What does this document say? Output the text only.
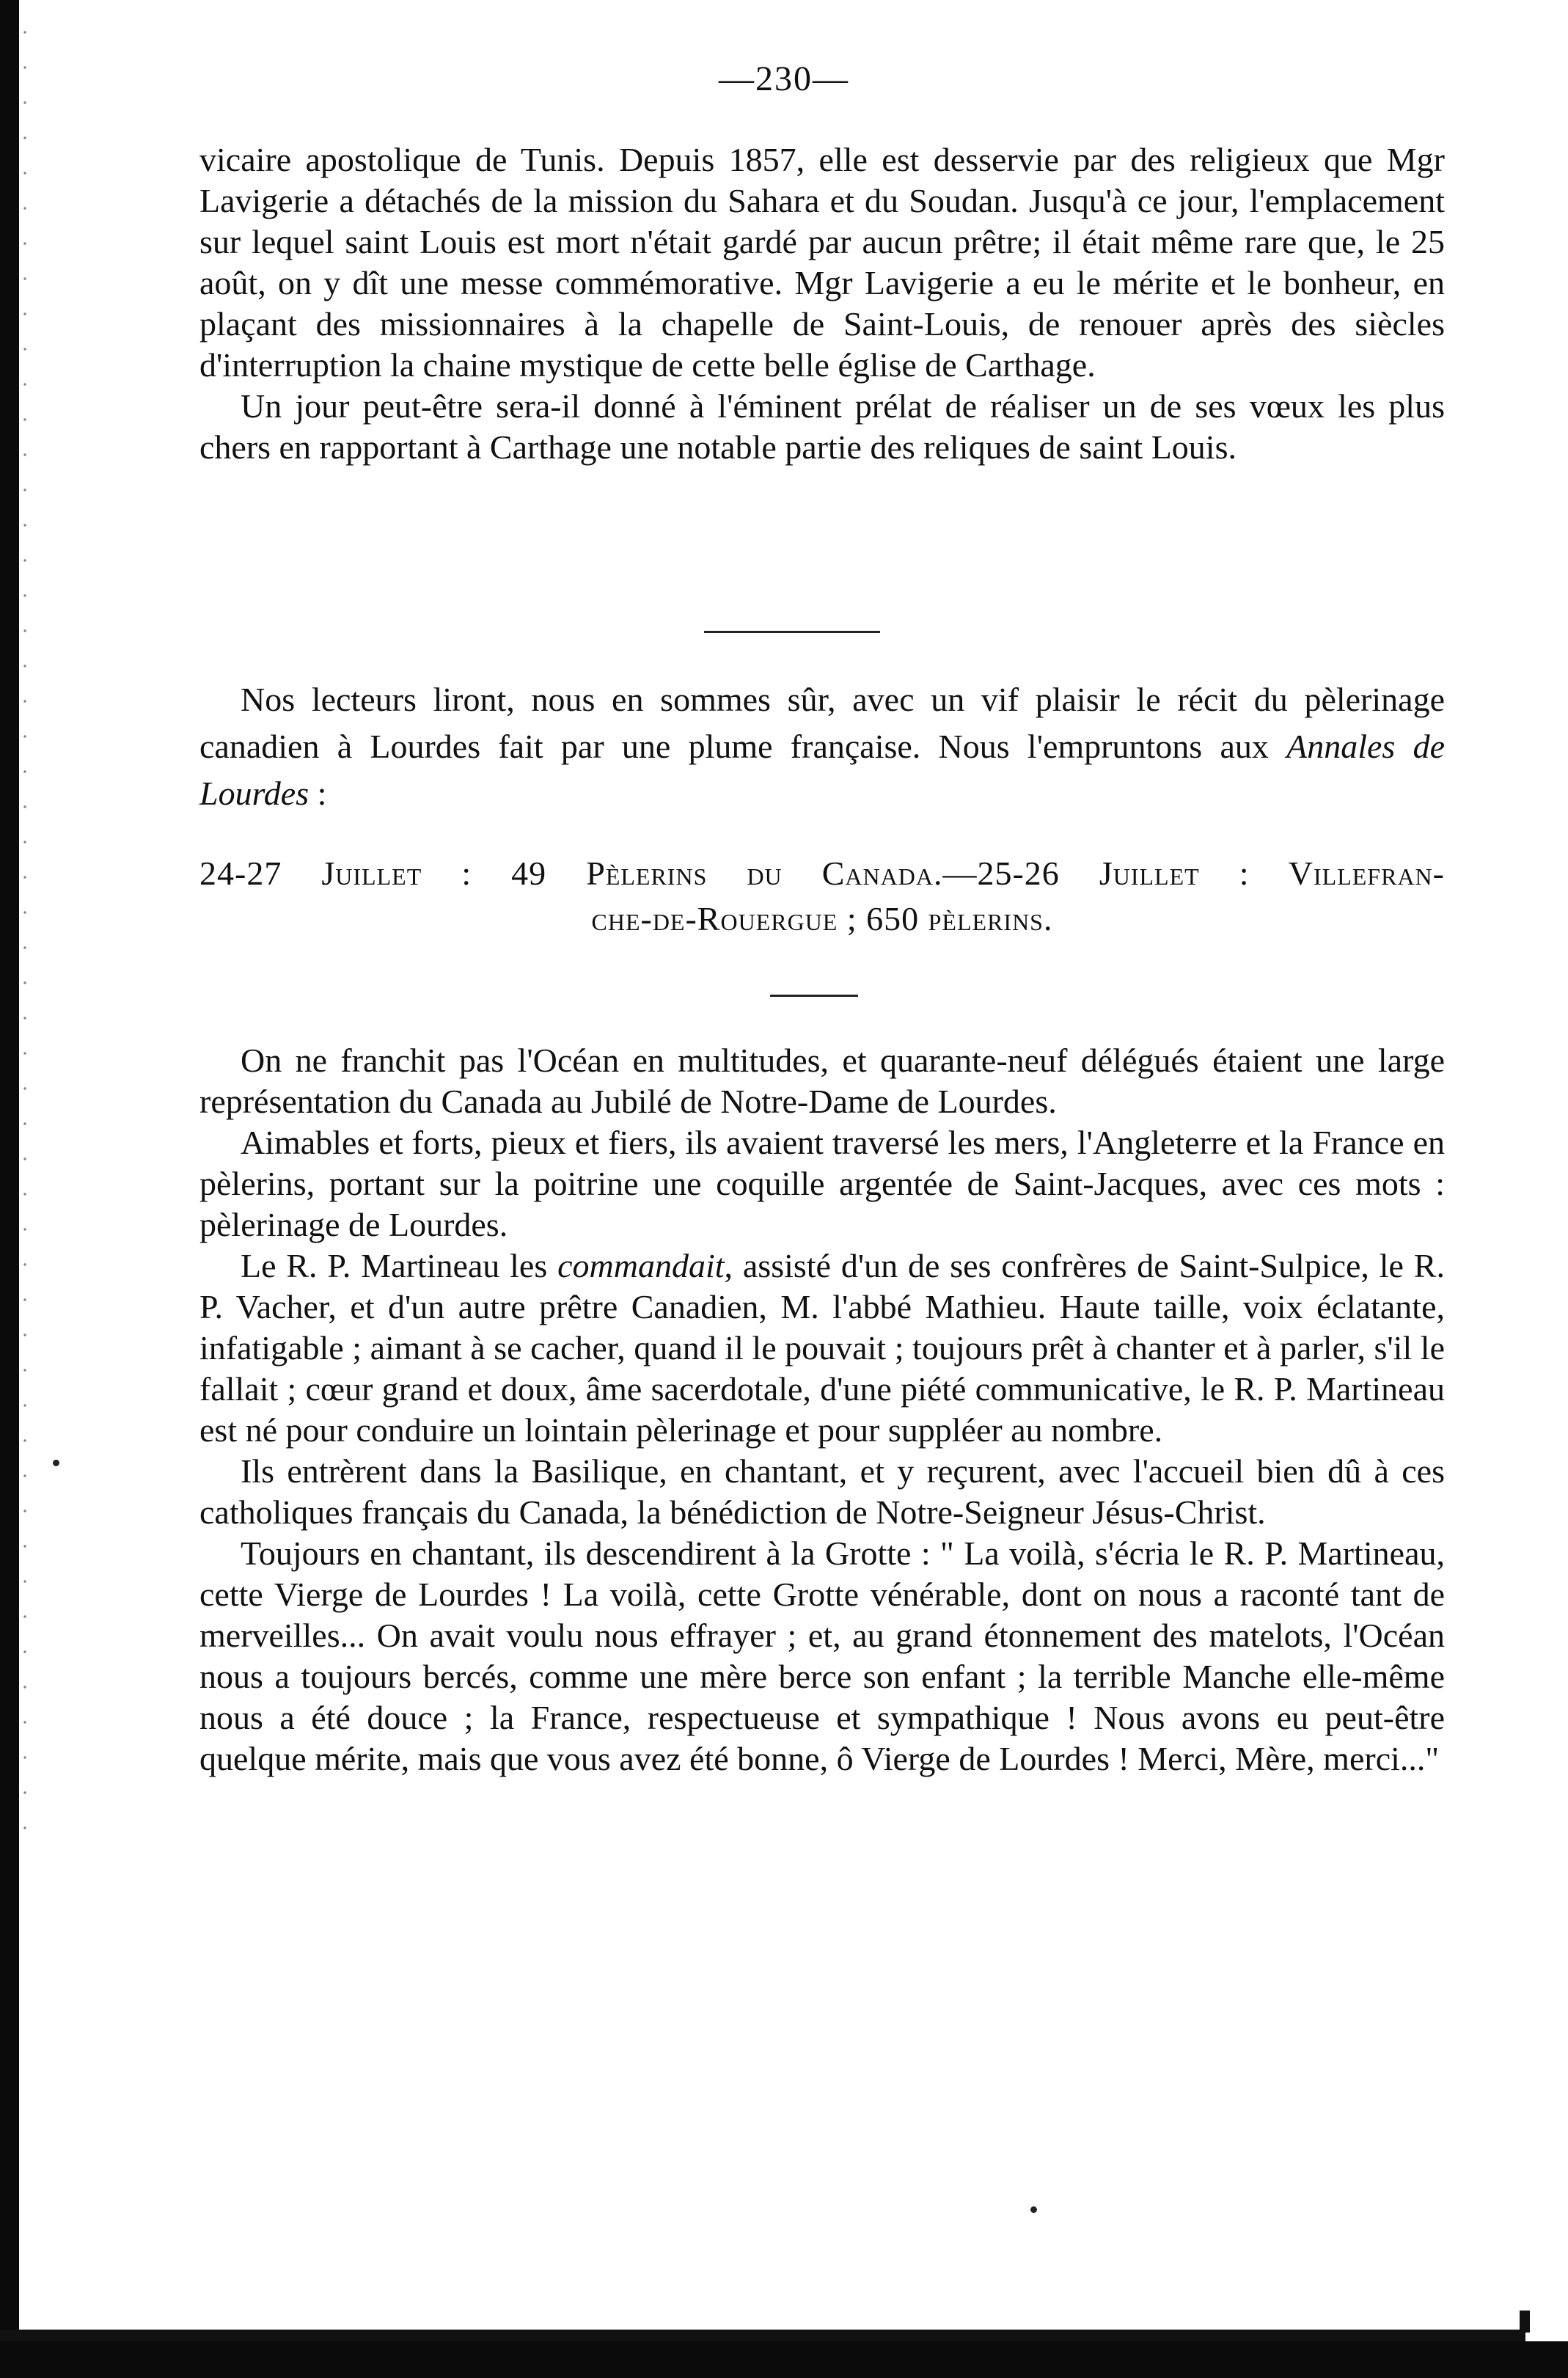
—230—

vicaire apostolique de Tunis. Depuis 1857, elle est desservie par des religieux que Mgr Lavigerie a détachés de la mission du Sahara et du Soudan. Jusqu'à ce jour, l'emplacement sur lequel saint Louis est mort n'était gardé par aucun prêtre; il était même rare que, le 25 août, on y dît une messe commémorative. Mgr Lavigerie a eu le mérite et le bonheur, en plaçant des missionnaires à la chapelle de Saint-Louis, de renouer après des siècles d'interruption la chaine mystique de cette belle église de Carthage.

Un jour peut-être sera-il donné à l'éminent prélat de réaliser un de ses vœux les plus chers en rapportant à Carthage une notable partie des reliques de saint Louis.

Nos lecteurs liront, nous en sommes sûr, avec un vif plaisir le récit du pèlerinage canadien à Lourdes fait par une plume française. Nous l'empruntons aux Annales de Lourdes :

24-27 Juillet : 49 Pèlerins du Canada.—25-26 Juillet : Villefran-
che-de-Rouergue ; 650 pèlerins.

On ne franchit pas l'Océan en multitudes, et quarante-neuf délégués étaient une large représentation du Canada au Jubilé de Notre-Dame de Lourdes.

Aimables et forts, pieux et fiers, ils avaient traversé les mers, l'Angleterre et la France en pèlerins, portant sur la poitrine une coquille argentée de Saint-Jacques, avec ces mots : pèlerinage de Lourdes.

Le R. P. Martineau les commandait, assisté d'un de ses confrères de Saint-Sulpice, le R. P. Vacher, et d'un autre prêtre Canadien, M. l'abbé Mathieu. Haute taille, voix éclatante, infatigable ; aimant à se cacher, quand il le pouvait ; toujours prêt à chanter et à parler, s'il le fallait ; cœur grand et doux, âme sacerdotale, d'une piété communicative, le R. P. Martineau est né pour conduire un lointain pèlerinage et pour suppléer au nombre.

Ils entrèrent dans la Basilique, en chantant, et y reçurent, avec l'accueil bien dû à ces catholiques français du Canada, la bénédiction de Notre-Seigneur Jésus-Christ.

Toujours en chantant, ils descendirent à la Grotte : " La voilà, s'écria le R. P. Martineau, cette Vierge de Lourdes ! La voilà, cette Grotte vénérable, dont on nous a raconté tant de merveilles... On avait voulu nous effrayer ; et, au grand étonnement des matelots, l'Océan nous a toujours bercés, comme une mère berce son enfant ; la terrible Manche elle-même nous a été douce ; la France, respectueuse et sympathique ! Nous avons eu peut-être quelque mérite, mais que vous avez été bonne, ô Vierge de Lourdes ! Merci, Mère, merci..."
